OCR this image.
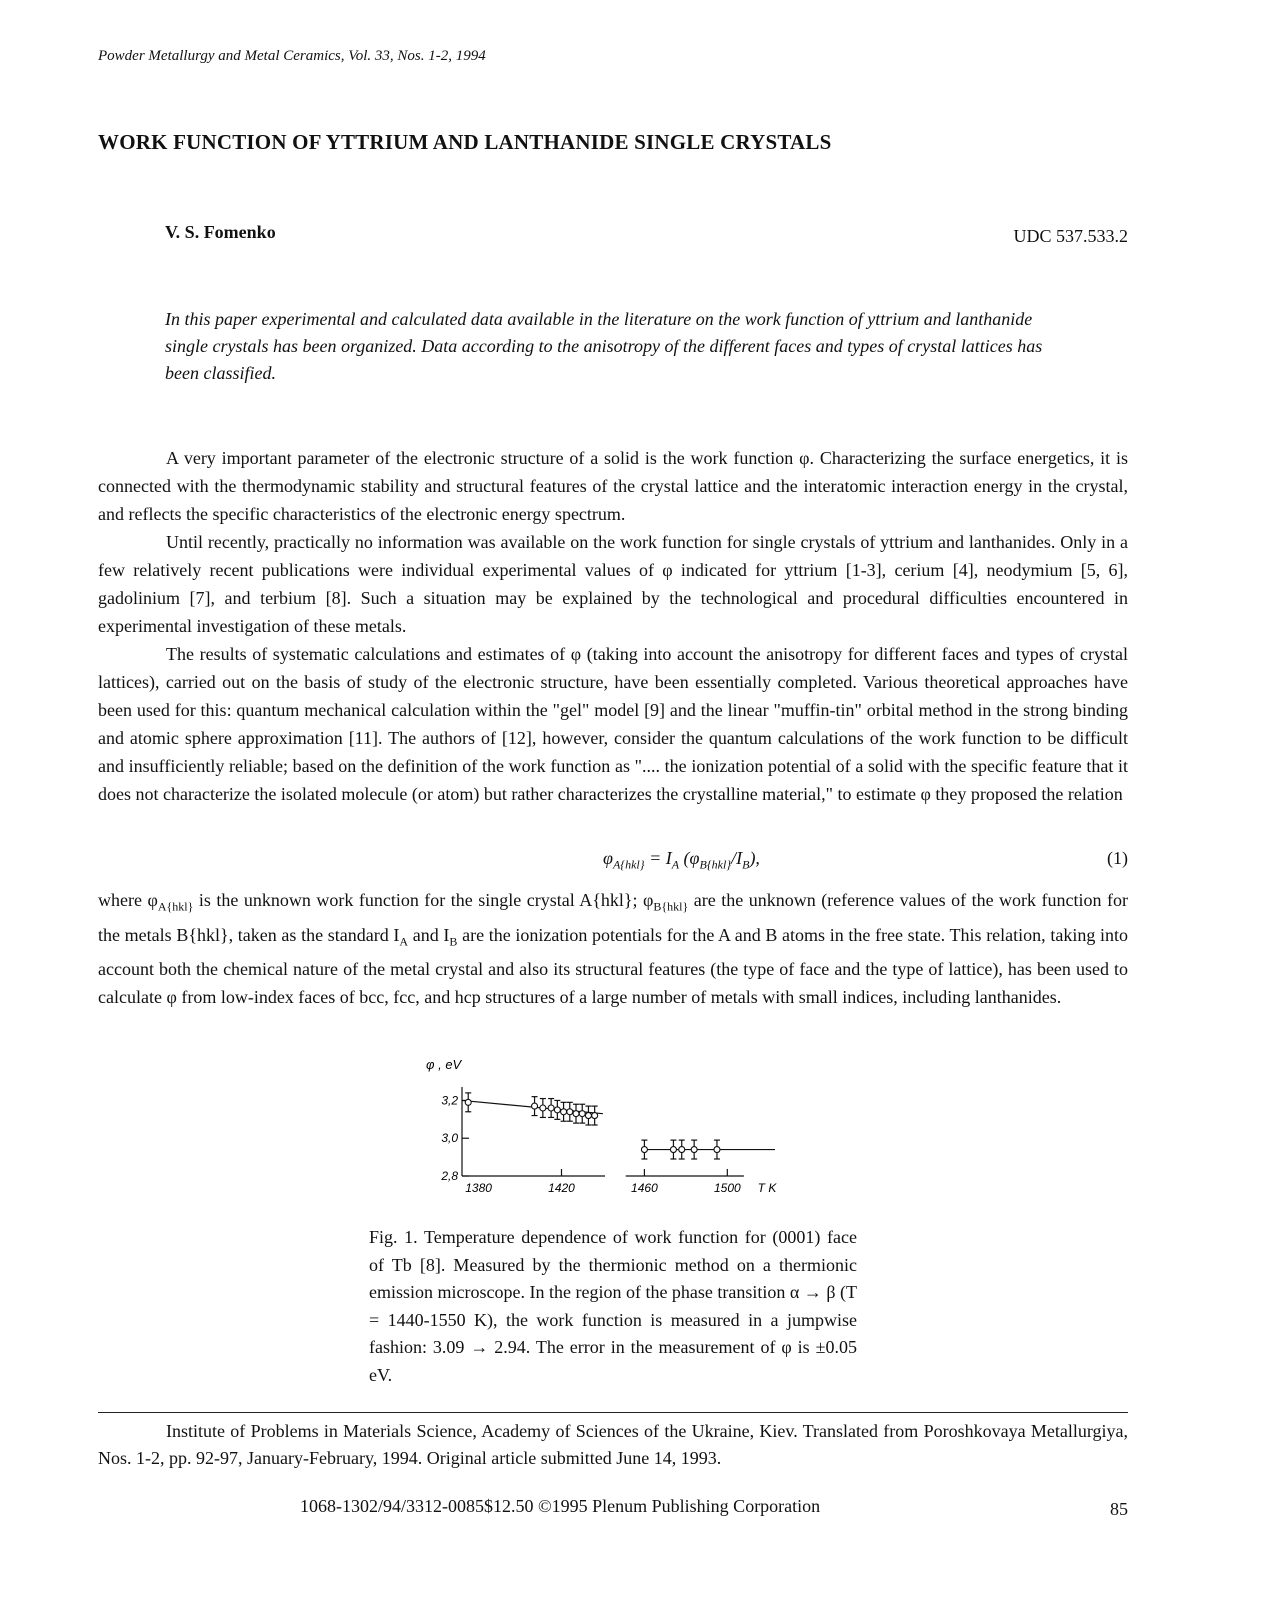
Powder Metallurgy and Metal Ceramics, Vol. 33, Nos. 1-2, 1994
WORK FUNCTION OF YTTRIUM AND LANTHANIDE SINGLE CRYSTALS
V. S. Fomenko	UDC 537.533.2
In this paper experimental and calculated data available in the literature on the work function of yttrium and lanthanide single crystals has been organized. Data according to the anisotropy of the different faces and types of crystal lattices has been classified.

A very important parameter of the electronic structure of a solid is the work function φ. Characterizing the surface energetics, it is connected with the thermodynamic stability and structural features of the crystal lattice and the interatomic interaction energy in the crystal, and reflects the specific characteristics of the electronic energy spectrum.

Until recently, practically no information was available on the work function for single crystals of yttrium and lanthanides. Only in a few relatively recent publications were individual experimental values of φ indicated for yttrium [1-3], cerium [4], neodymium [5, 6], gadolinium [7], and terbium [8]. Such a situation may be explained by the technological and procedural difficulties encountered in experimental investigation of these metals.

The results of systematic calculations and estimates of φ (taking into account the anisotropy for different faces and types of crystal lattices), carried out on the basis of study of the electronic structure, have been essentially completed. Various theoretical approaches have been used for this: quantum mechanical calculation within the "gel" model [9] and the linear "muffin-tin" orbital method in the strong binding and atomic sphere approximation [11]. The authors of [12], however, consider the quantum calculations of the work function to be difficult and insufficiently reliable; based on the definition of the work function as ".... the ionization potential of a solid with the specific feature that it does not characterize the isolated molecule (or atom) but rather characterizes the crystalline material," to estimate φ they proposed the relation

$\varphi_{A\{hkl\}} = I_A$ $(\varphi_{B\{hkl\}}/I_B)$,	(1)

where $\varphi_{A\{hkl\}}$ is the unknown work function for the single crystal A{hkl}; $\varphi_{B\{hkl\}}$ are the unknown (reference values of the work function for the metals B{hkl}, taken as the standard $I_A$ and $I_B$ are the ionization potentials for the A and B atoms in the free state. This relation, taking into account both the chemical nature of the metal crystal and also its structural features (the type of face and the type of lattice), has been used to calculate φ from low-index faces of bcc, fcc, and hcp structures of a large number of metals with small indices, including lanthanides.

φ , eV
3,2
3,0
2,8
1380	1420	1460	1500 T K
Fig. 1. Temperature dependence of work function for (0001) face of Tb [8]. Measured by the thermionic method on a thermionic emission microscope. In the region of the phase transition α → β (T = 1440-1550 K), the work function is measured in a jumpwise fashion: 3.09 → 2.94. The error in the measurement of φ is ±0.05 eV.
Institute of Problems in Materials Science, Academy of Sciences of the Ukraine, Kiev. Translated from Poroshkovaya Metallurgiya, Nos. 1-2, pp. 92-97, January-February, 1994. Original article submitted June 14, 1993.
1068-1302/94/3312-0085$12.50 ©1995 Plenum Publishing Corporation	85
